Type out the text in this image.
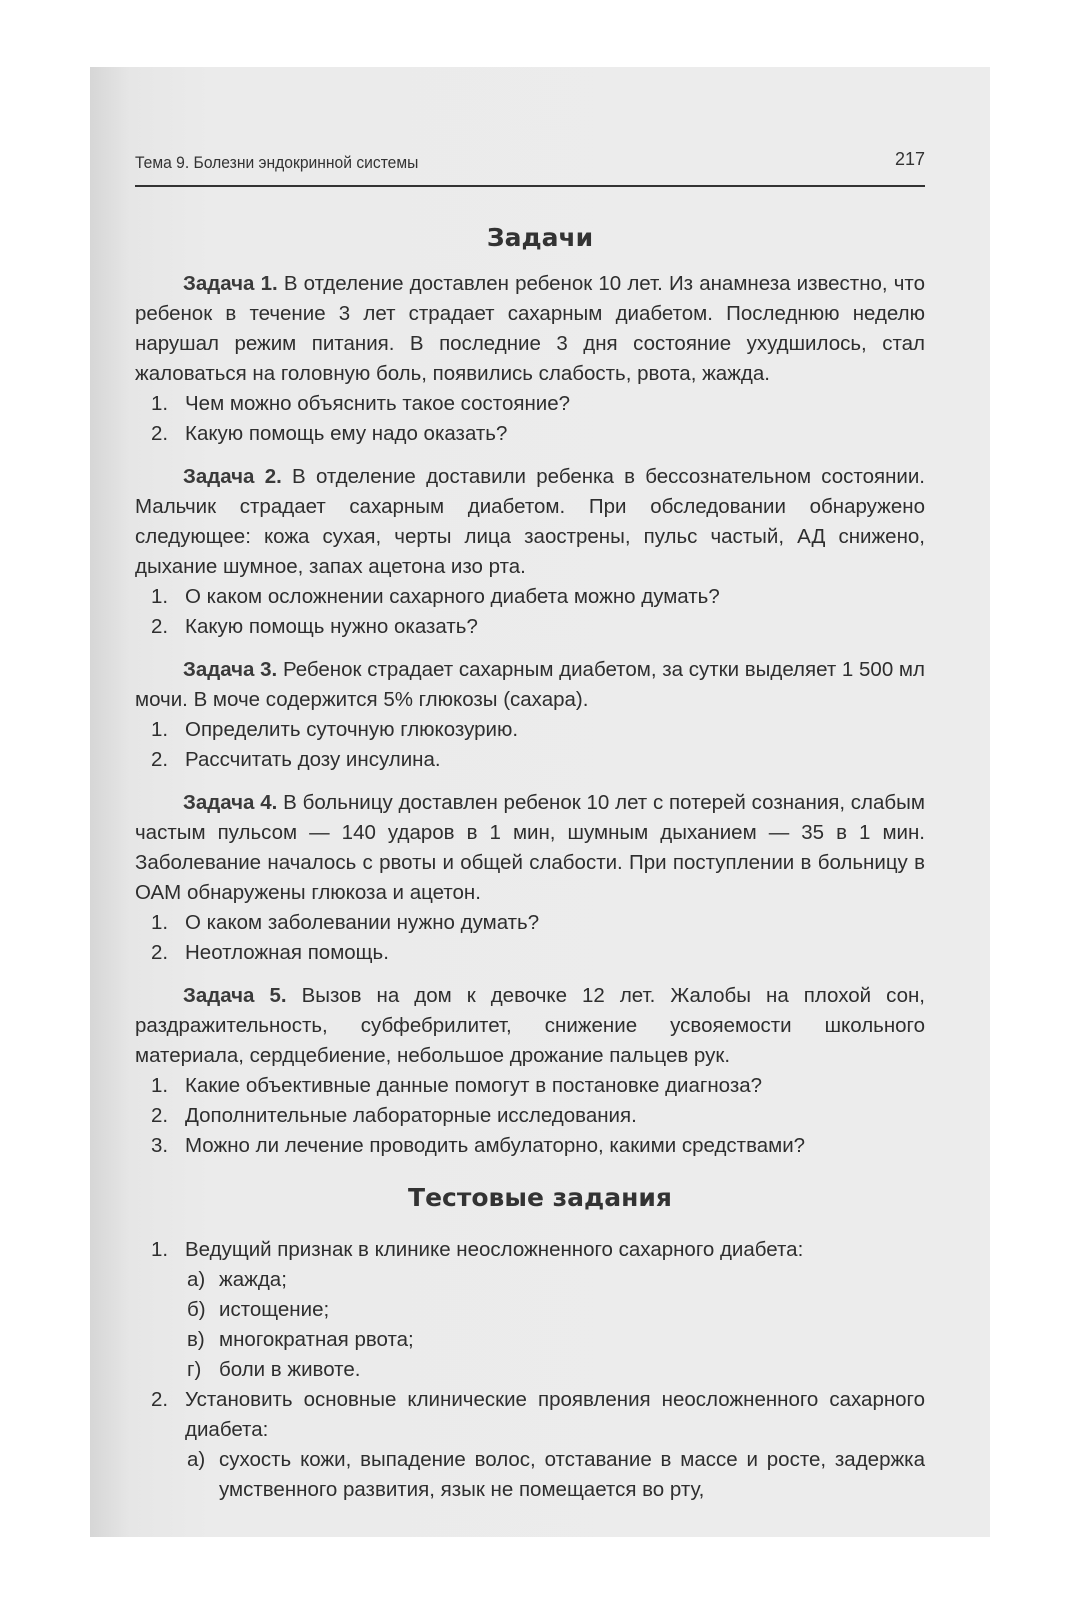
Тема 9. Болезни эндокринной системы	217
Задачи

Задача 1. В отделение доставлен ребенок 10 лет. Из анамнеза известно, что ребенок в течение 3 лет страдает сахарным диабетом. Последнюю неделю нарушал режим питания. В последние 3 дня состояние ухудшилось, стал жаловаться на головную боль, появились слабость, рвота, жажда.

1. Чем можно объяснить такое состояние?
2. Какую помощь ему надо оказать?

Задача 2. В отделение доставили ребенка в бессознательном состоянии. Мальчик страдает сахарным диабетом. При обследовании обнаружено следующее: кожа сухая, черты лица заострены, пульс частый, АД снижено, дыхание шумное, запах ацетона изо рта.

1. О каком осложнении сахарного диабета можно думать?
2. Какую помощь нужно оказать?

Задача 3. Ребенок страдает сахарным диабетом, за сутки выделяет 1 500 мл мочи. В моче содержится 5% глюкозы (сахара).

1. Определить суточную глюкозурию.
2. Рассчитать дозу инсулина.

Задача 4. В больницу доставлен ребенок 10 лет с потерей сознания, слабым частым пульсом — 140 ударов в 1 мин, шумным дыханием — 35 в 1 мин. Заболевание началось с рвоты и общей слабости. При поступлении в больницу в ОАМ обнаружены глюкоза и ацетон.

1. О каком заболевании нужно думать?
2. Неотложная помощь.

Задача 5. Вызов на дом к девочке 12 лет. Жалобы на плохой сон, раздражительность, субфебрилитет, снижение усвояемости школьного материала, сердцебиение, небольшое дрожание пальцев рук.

1. Какие объективные данные помогут в постановке диагноза?
2. Дополнительные лабораторные исследования.
3. Можно ли лечение проводить амбулаторно, какими средствами?
Тестовые задания
1. Ведущий признак в клинике неосложненного сахарного диабета:
а) жажда;
б) истощение;
в) многократная рвота;
г) боли в животе.
2. Установить основные клинические проявления неосложненного сахарного диабета:
а) сухость кожи, выпадение волос, отставание в массе и росте, задержка умственного развития, язык не помещается во рту,
